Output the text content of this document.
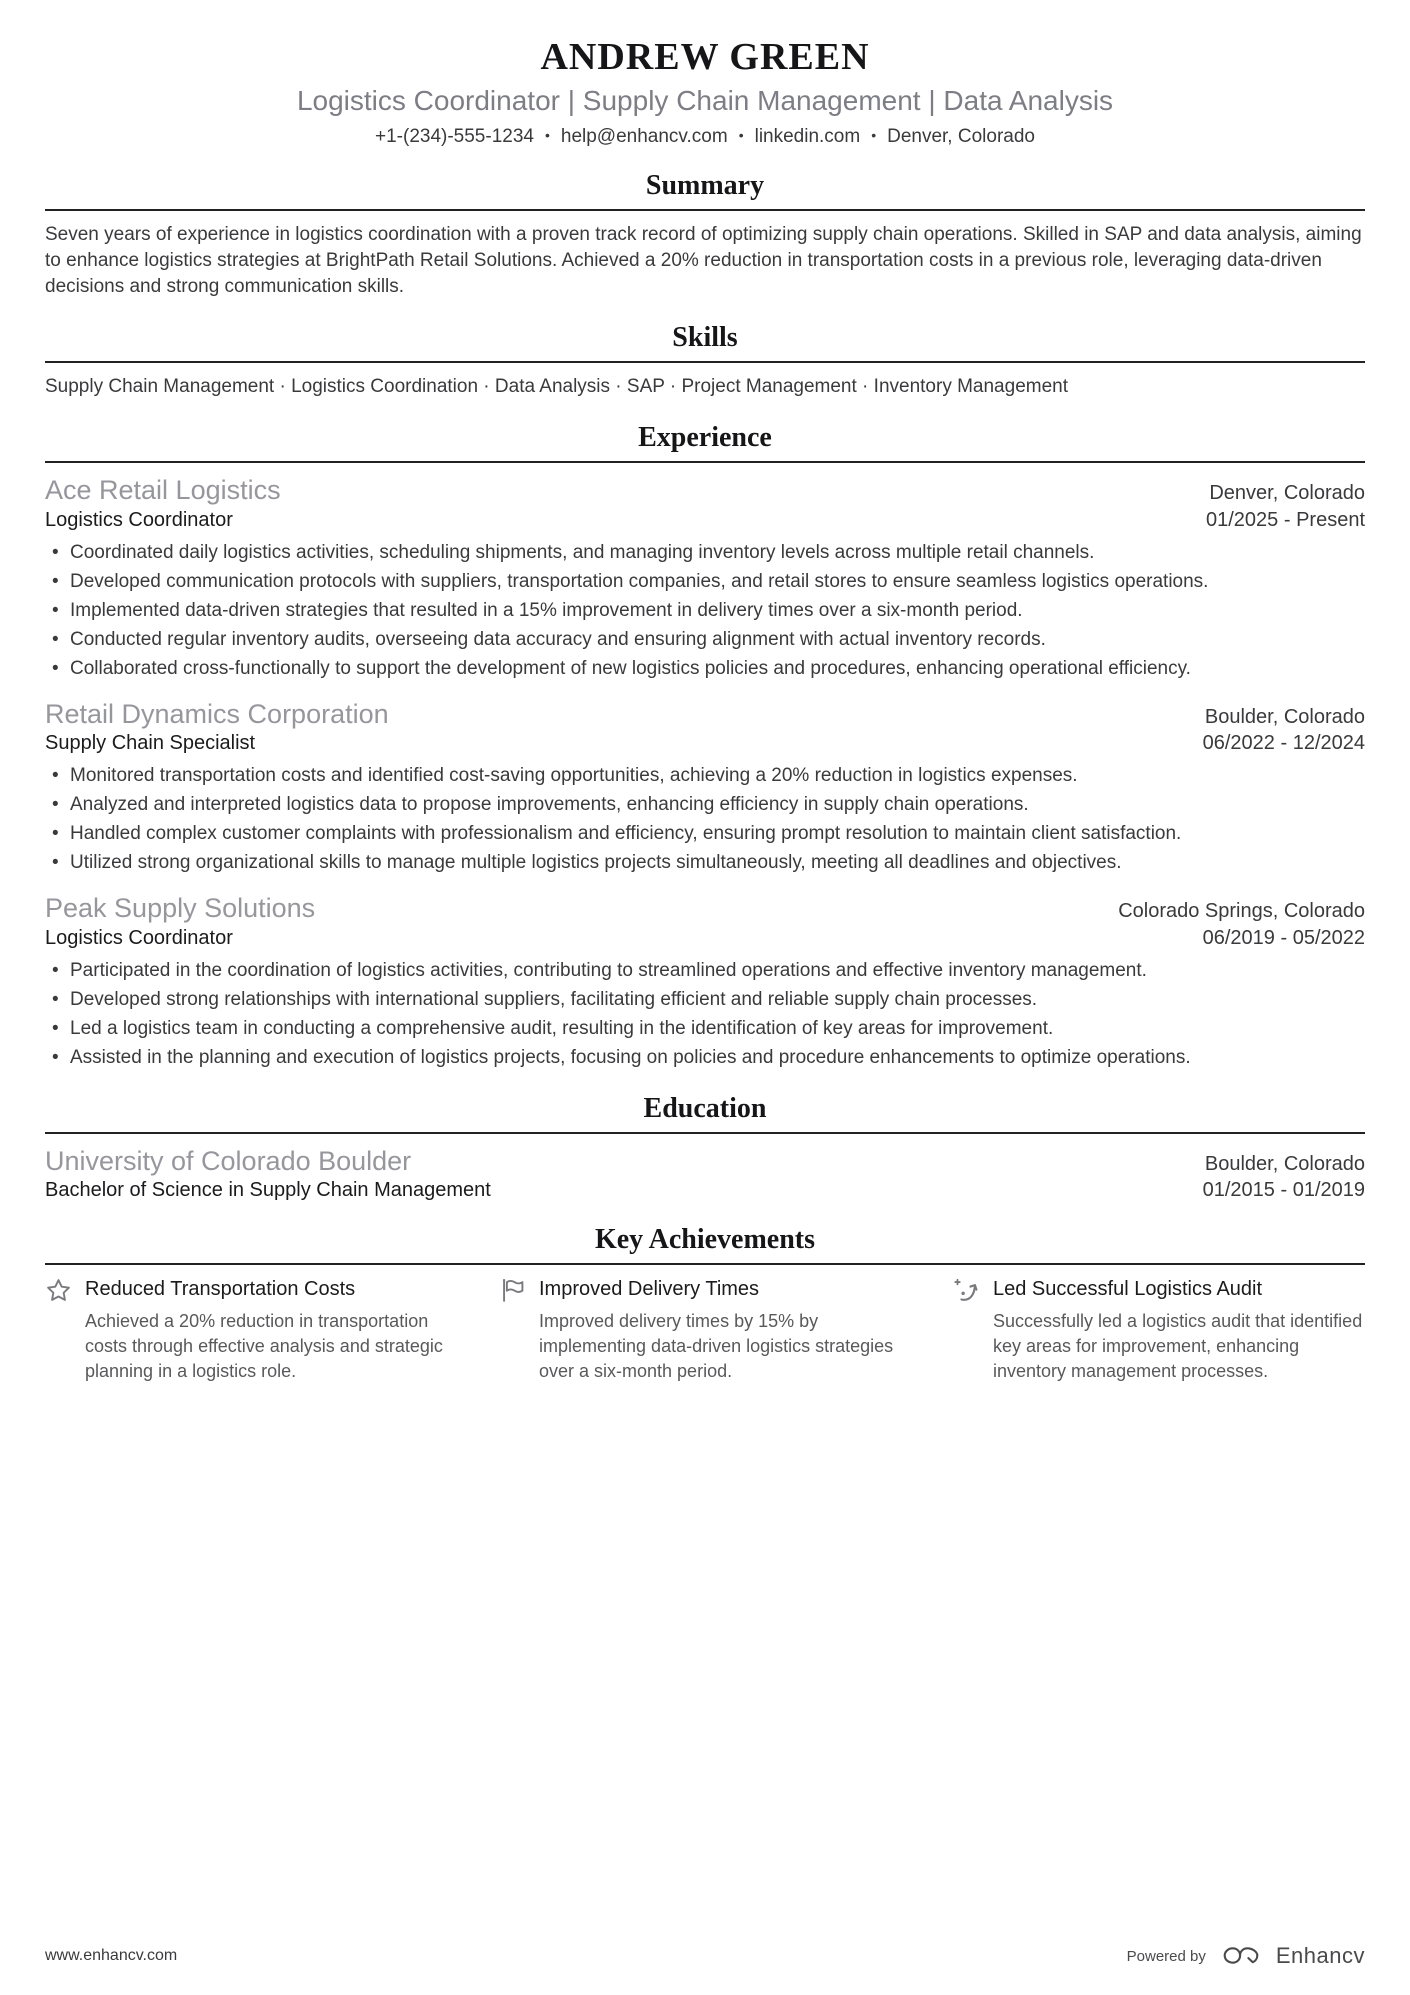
ANDREW GREEN
Logistics Coordinator | Supply Chain Management | Data Analysis
+1-(234)-555-1234 • help@enhancv.com • linkedin.com • Denver, Colorado
Summary

Seven years of experience in logistics coordination with a proven track record of optimizing supply chain operations. Skilled in SAP and data analysis, aiming to enhance logistics strategies at BrightPath Retail Solutions. Achieved a 20% reduction in transportation costs in a previous role, leveraging data-driven decisions and strong communication skills.

Skills

Supply Chain Management · Logistics Coordination · Data Analysis · SAP · Project Management · Inventory Management

Experience
Ace Retail Logistics	Denver, Colorado
Logistics Coordinator	01/2025 - Present
• Coordinated daily logistics activities, scheduling shipments, and managing inventory levels across multiple retail channels.
• Developed communication protocols with suppliers, transportation companies, and retail stores to ensure seamless logistics operations.
• Implemented data-driven strategies that resulted in a 15% improvement in delivery times over a six-month period.
• Conducted regular inventory audits, overseeing data accuracy and ensuring alignment with actual inventory records.
• Collaborated cross-functionally to support the development of new logistics policies and procedures, enhancing operational efficiency.
Retail Dynamics Corporation	Boulder, Colorado
Supply Chain Specialist	06/2022 - 12/2024
• Monitored transportation costs and identified cost-saving opportunities, achieving a 20% reduction in logistics expenses.
• Analyzed and interpreted logistics data to propose improvements, enhancing efficiency in supply chain operations.
• Handled complex customer complaints with professionalism and efficiency, ensuring prompt resolution to maintain client satisfaction.
• Utilized strong organizational skills to manage multiple logistics projects simultaneously, meeting all deadlines and objectives.
Peak Supply Solutions	Colorado Springs, Colorado
Logistics Coordinator	06/2019 - 05/2022
• Participated in the coordination of logistics activities, contributing to streamlined operations and effective inventory management.
• Developed strong relationships with international suppliers, facilitating efficient and reliable supply chain processes.
• Led a logistics team in conducting a comprehensive audit, resulting in the identification of key areas for improvement.
• Assisted in the planning and execution of logistics projects, focusing on policies and procedure enhancements to optimize operations.
Education
University of Colorado Boulder	Boulder, Colorado
Bachelor of Science in Supply Chain Management	01/2015 - 01/2019
Key Achievements
Reduced Transportation Costs
Achieved a 20% reduction in transportation costs through effective analysis and strategic planning in a logistics role.
Improved Delivery Times
Improved delivery times by 15% by implementing data-driven logistics strategies over a six-month period.
Led Successful Logistics Audit
Successfully led a logistics audit that identified key areas for improvement, enhancing inventory management processes.
www.enhancv.com	Powered by	Enhancv
